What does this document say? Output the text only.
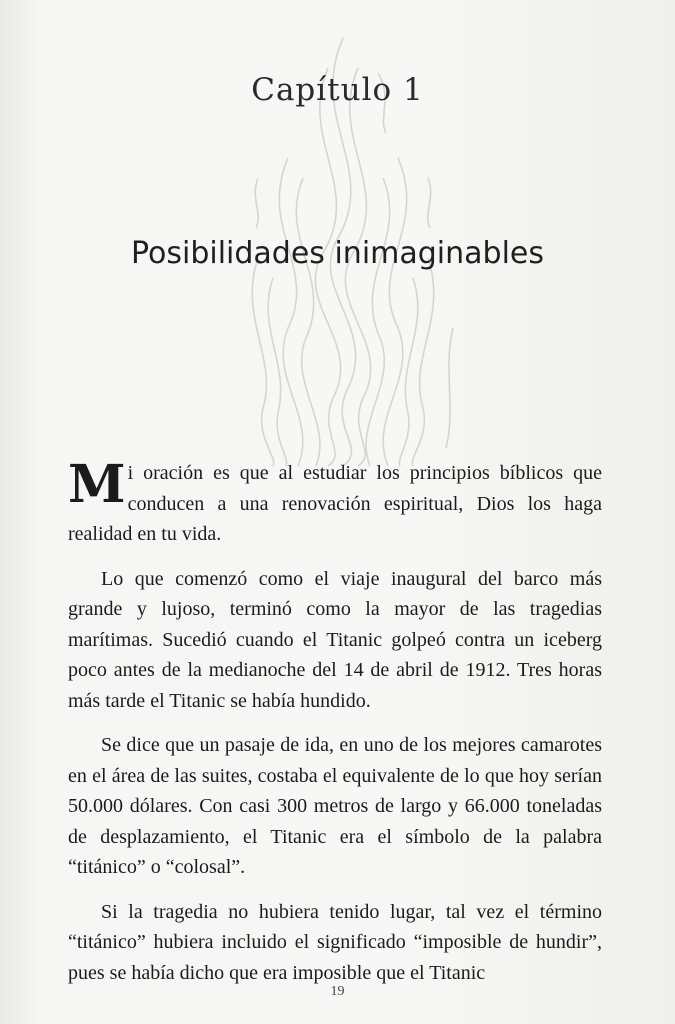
Capítulo 1
Posibilidades inimaginables

Mi oración es que al estudiar los principios bíblicos que conducen a una renovación espiritual, Dios los haga realidad en tu vida.

Lo que comenzó como el viaje inaugural del barco más grande y lujoso, terminó como la mayor de las tragedias marítimas. Sucedió cuando el Titanic golpeó contra un iceberg poco antes de la medianoche del 14 de abril de 1912. Tres horas más tarde el Titanic se había hundido.

Se dice que un pasaje de ida, en uno de los mejores camarotes en el área de las suites, costaba el equivalente de lo que hoy serían 50.000 dólares. Con casi 300 metros de largo y 66.000 toneladas de desplazamiento, el Titanic era el símbolo de la palabra “titánico” o “colosal”.

Si la tragedia no hubiera tenido lugar, tal vez el término “titánico” hubiera incluido el significado “imposible de hundir”, pues se había dicho que era imposible que el Titanic

19
